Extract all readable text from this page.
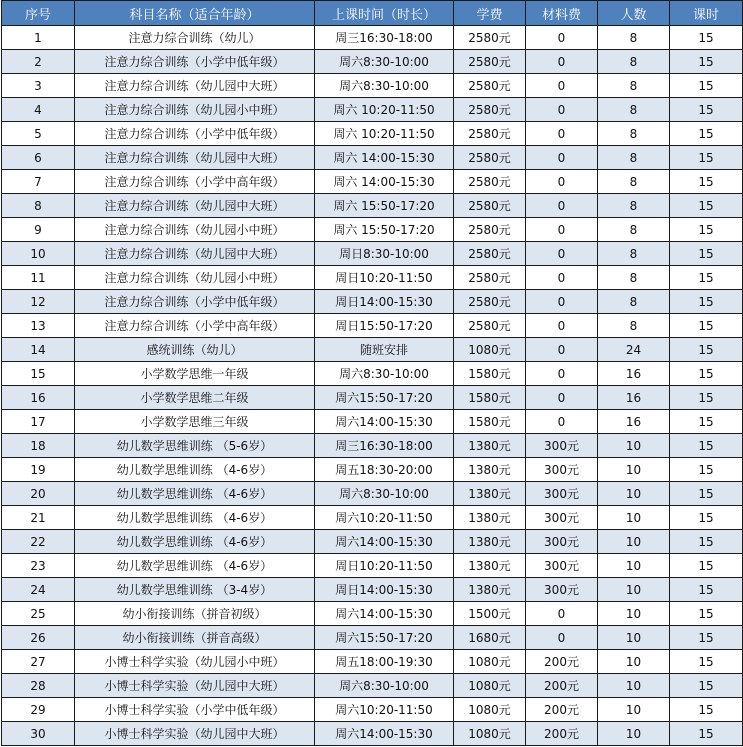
序号	科目名称（适合年龄）	上课时间（时长）	学费	材料费	人数	课时
1	注意力综合训练（幼儿）	周三16:30-18:00	2580元	0	8	15
2	注意力综合训练（小学中低年级）	周六8:30-10:00	2580元	0	8	15
3	注意力综合训练（幼儿园中大班）	周六8:30-10:00	2580元	0	8	15
4	注意力综合训练（幼儿园小中班）	周六 10:20-11:50	2580元	0	8	15
5	注意力综合训练（小学中低年级）	周六 10:20-11:50	2580元	0	8	15
6	注意力综合训练（幼儿园中大班）	周六 14:00-15:30	2580元	0	8	15
7	注意力综合训练（小学中高年级）	周六 14:00-15:30	2580元	0	8	15
8	注意力综合训练（幼儿园中大班）	周六 15:50-17:20	2580元	0	8	15
9	注意力综合训练（幼儿园小中班）	周六 15:50-17:20	2580元	0	8	15
10	注意力综合训练（幼儿园中大班）	周日8:30-10:00	2580元	0	8	15
11	注意力综合训练（幼儿园小中班）	周日10:20-11:50	2580元	0	8	15
12	注意力综合训练（小学中低年级）	周日14:00-15:30	2580元	0	8	15
13	注意力综合训练（小学中高年级）	周日15:50-17:20	2580元	0	8	15
14	感统训练（幼儿）	随班安排	1080元	0	24	15
15	小学数学思维一年级	周六8:30-10:00	1580元	0	16	15
16	小学数学思维二年级	周六15:50-17:20	1580元	0	16	15
17	小学数学思维三年级	周六14:00-15:30	1580元	0	16	15
18	幼儿数学思维训练 （5-6岁）	周三16:30-18:00	1380元	300元	10	15
19	幼儿数学思维训练 （4-6岁）	周五18:30-20:00	1380元	300元	10	15
20	幼儿数学思维训练 （4-6岁）	周六8:30-10:00	1380元	300元	10	15
21	幼儿数学思维训练 （4-6岁）	周六10:20-11:50	1380元	300元	10	15
22	幼儿数学思维训练 （4-6岁）	周六14:00-15:30	1380元	300元	10	15
23	幼儿数学思维训练 （4-6岁）	周日10:20-11:50	1380元	300元	10	15
24	幼儿数学思维训练 （3-4岁）	周日14:00-15:30	1380元	300元	10	15
25	幼小衔接训练（拼音初级）	周六14:00-15:30	1500元	0	10	15
26	幼小衔接训练（拼音高级）	周六15:50-17:20	1680元	0	10	15
27	小博士科学实验（幼儿园小中班）	周五18:00-19:30	1080元	200元	10	15
28	小博士科学实验（幼儿园中大班）	周六8:30-10:00	1080元	200元	10	15
29	小博士科学实验（小学中低年级）	周六10:20-11:50	1080元	200元	10	15
30	小博士科学实验（幼儿园中大班）	周六14:00-15:30	1080元	200元	10	15
